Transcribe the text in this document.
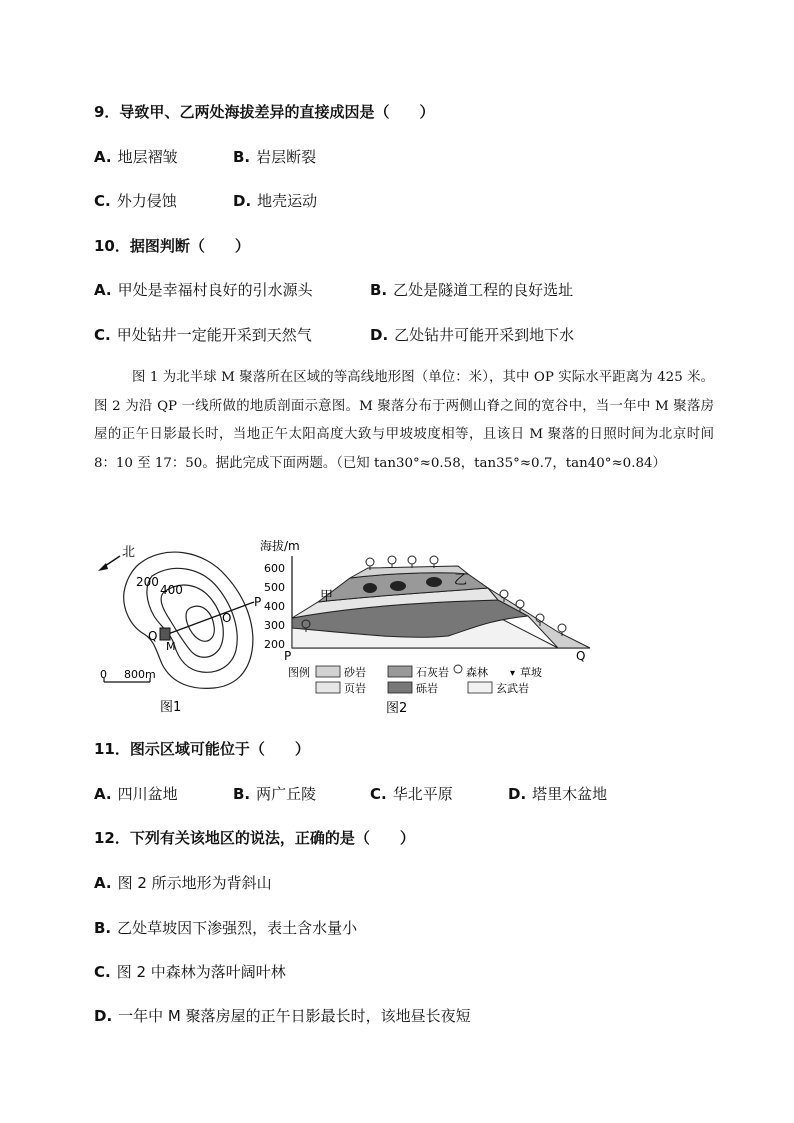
9．导致甲、乙两处海拔差异的直接成因是（　　）
A. 地层褶皱	B. 岩层断裂
C. 外力侵蚀	D. 地壳运动
10．据图判断（　　）
A. 甲处是幸福村良好的引水源头	B. 乙处是隧道工程的良好选址
C. 甲处钻井一定能开采到天然气	D. 乙处钻井可能开采到地下水

图 1 为北半球 M 聚落所在区域的等高线地形图（单位：米），其中 OP 实际水平距离为 425 米。图 2 为沿 QP 一线所做的地质剖面示意图。M 聚落分布于两侧山脊之间的宽谷中，当一年中 M 聚落房屋的正午日影最长时，当地正午太阳高度大致与甲坡坡度相等，且该日 M 聚落的日照时间为北京时间 8：10 至 17：50。据此完成下面两题。（已知 tan30°≈0.58，tan35°≈0.7，tan40°≈0.84）

北
200
400
O
P
Q
M
0 800m
图1
海拔/m
600
500
400
300
200
甲
乙
P	Q
图例	砂岩	石灰岩 森林 ▾ 草坡
页岩	砾岩	玄武岩
图2
11．图示区域可能位于（　　）
A. 四川盆地	B. 两广丘陵	C. 华北平原	D. 塔里木盆地
12．下列有关该地区的说法，正确的是（　　）
A. 图 2 所示地形为背斜山
B. 乙处草坡因下渗强烈，表土含水量小
C. 图 2 中森林为落叶阔叶林
D. 一年中 M 聚落房屋的正午日影最长时，该地昼长夜短
